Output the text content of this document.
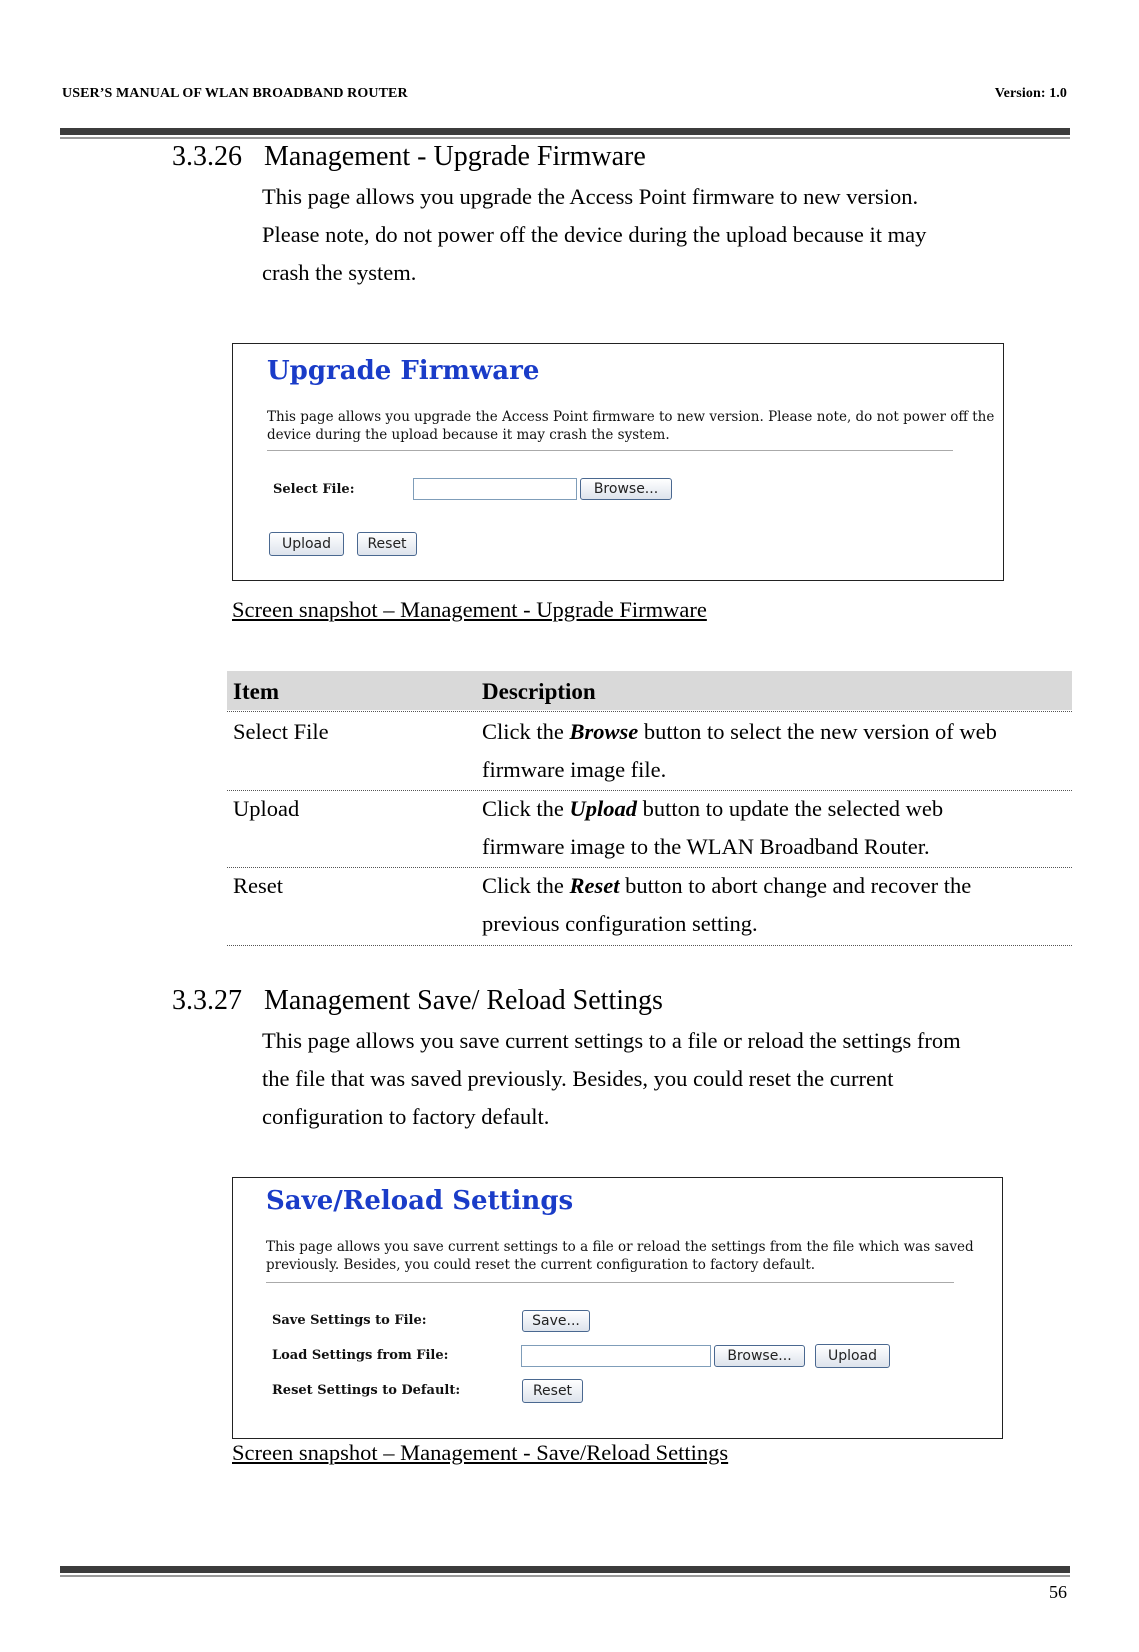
USER’S MANUAL OF WLAN BROADBAND ROUTER	Version: 1.0
3.3.26 Management - Upgrade Firmware
This page allows you upgrade the Access Point firmware to new version.
Please note, do not power off the device during the upload because it may
crash the system.
Upgrade Firmware
This page allows you upgrade the Access Point firmware to new version. Please note, do not power off the
device during the upload because it may crash the system.
Select File:	Browse...
Upload	Reset
Screen snapshot – Management - Upgrade Firmware
Item	Description
Select File	Click the Browse button to select the new version of web
firmware image file.
Upload	Click the Upload button to update the selected web
firmware image to the WLAN Broadband Router.
Reset	Click the Reset button to abort change and recover the
previous configuration setting.
3.3.27 Management Save/ Reload Settings
This page allows you save current settings to a file or reload the settings from
the file that was saved previously. Besides, you could reset the current
configuration to factory default.
Save/Reload Settings
This page allows you save current settings to a file or reload the settings from the file which was saved
previously. Besides, you could reset the current configuration to factory default.
Save Settings to File:	Save...
Load Settings from File:	Browse...	Upload
Reset Settings to Default:	Reset
Screen snapshot – Management - Save/Reload Settings
56
